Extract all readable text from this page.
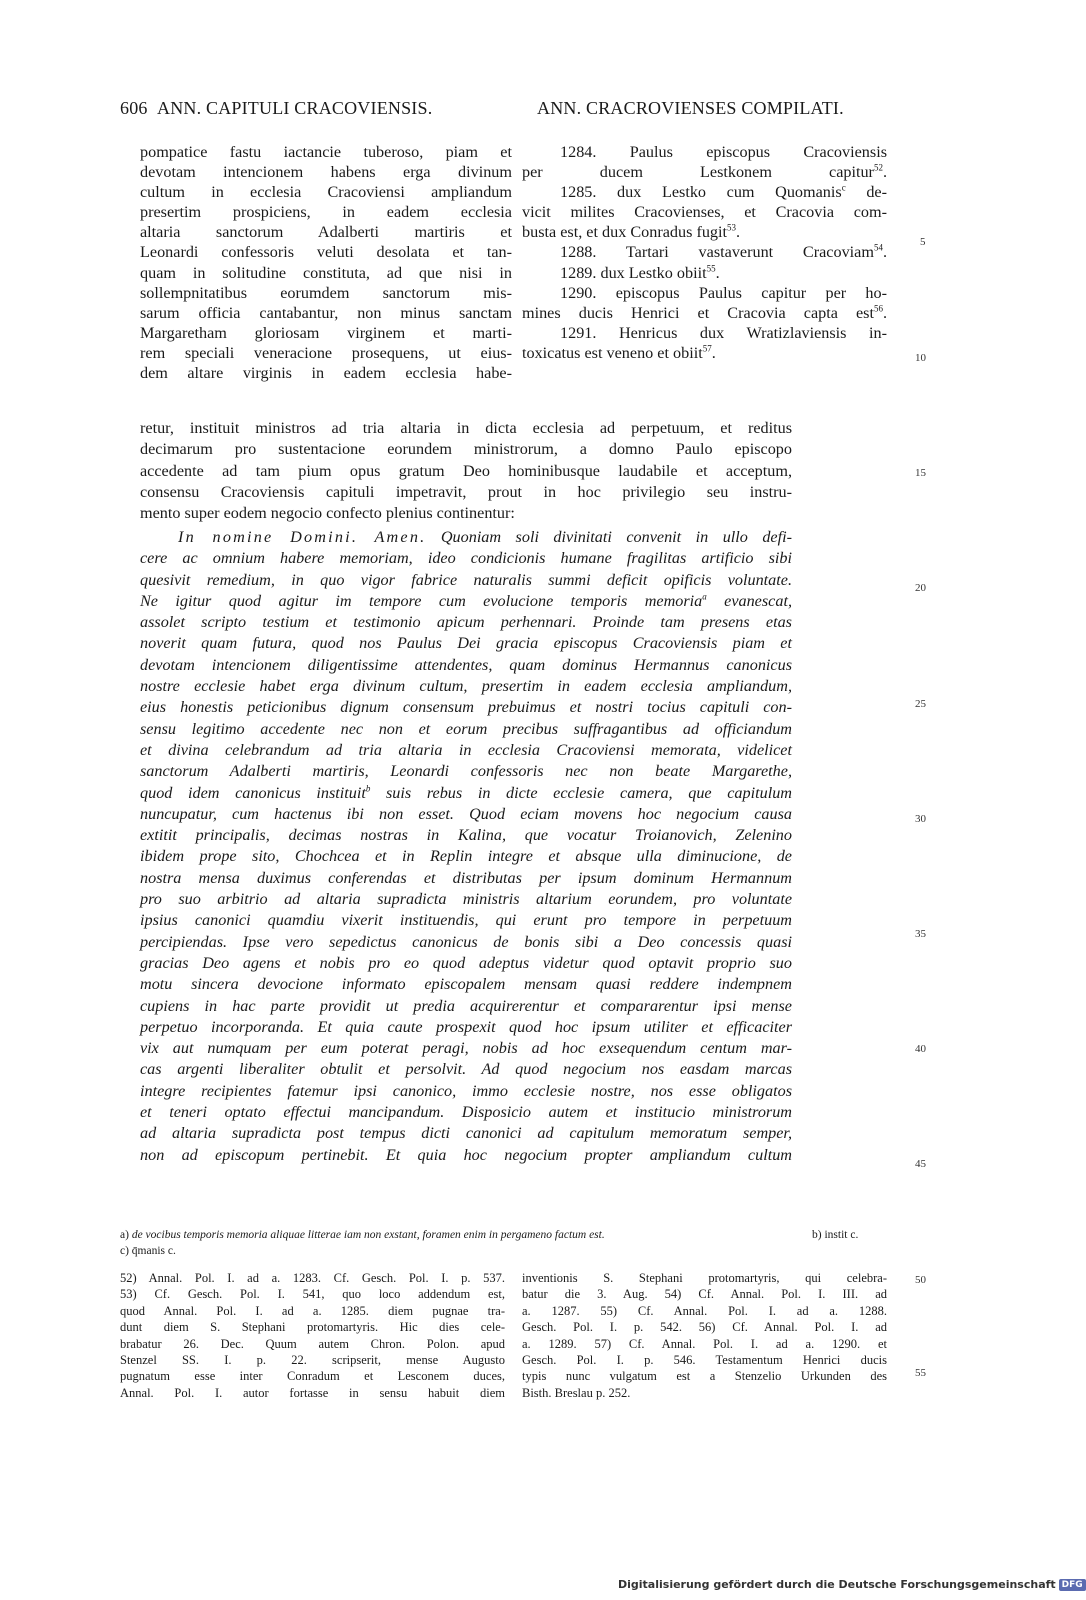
606 ANN. CAPITULI CRACOVIENSIS.	ANN. CRACROVIENSES COMPILATI.
pompatice fastu iactancie tuberoso, piam et
devotam intencionem habens erga divinum
cultum in ecclesia Cracoviensi ampliandum
presertim prospiciens, in eadem ecclesia
altaria sanctorum Adalberti martiris et
Leonardi confessoris veluti desolata et tan-
quam in solitudine constituta, ad que nisi in
sollempnitatibus eorumdem sanctorum mis-
sarum officia cantabantur, non minus sanctam
Margaretham gloriosam virginem et marti-
rem speciali veneracione prosequens, ut eius-
dem altare virginis in eadem ecclesia habe-
1284. Paulus episcopus Cracoviensis
per ducem Lestkonem capitur$^{52}$.
1285. dux Lestko cum Quomanis$^c$ de-
vicit milites Cracovienses, et Cracovia com-
busta est, et dux Conradus fugit$^{53}$.
1288. Tartari vastaverunt Cracoviam$^{54}$.
1289. dux Lestko obiit$^{55}$.
1290. episcopus Paulus capitur per ho-
mines ducis Henrici et Cracovia capta est$^{56}$.
1291. Henricus dux Wratizlaviensis in-
toxicatus est veneno et obiit$^{57}$.
retur, instituit ministros ad tria altaria in dicta ecclesia ad perpetuum, et reditus
decimarum pro sustentacione eorundem ministrorum, a domno Paulo episcopo
accedente ad tam pium opus gratum Deo hominibusque laudabile et acceptum,
consensu Cracoviensis capituli impetravit, prout in hoc privilegio seu instru-
mento super eodem negocio confecto plenius continentur:
In nomine Domini. Amen. Quoniam soli divinitati convenit in ullo defi-
cere ac omnium habere memoriam, ideo condicionis humane fragilitas artificio sibi
quesivit remedium, in quo vigor fabrice naturalis summi deficit opificis voluntate.
Ne igitur quod agitur im tempore cum evolucione temporis memoria$^a$ evanescat,
assolet scripto testium et testimonio apicum perhennari. Proinde tam presens etas
noverit quam futura, quod nos Paulus Dei gracia episcopus Cracoviensis piam et
devotam intencionem diligentissime attendentes, quam dominus Hermannus canonicus
nostre ecclesie habet erga divinum cultum, presertim in eadem ecclesia ampliandum,
eius honestis peticionibus dignum consensum prebuimus et nostri tocius capituli con-
sensu legitimo accedente nec non et eorum precibus suffragantibus ad officiandum
et divina celebrandum ad tria altaria in ecclesia Cracoviensi memorata, videlicet
sanctorum Adalberti martiris, Leonardi confessoris nec non beate Margarethe,
quod idem canonicus instituit$^b$ suis rebus in dicte ecclesie camera, que capitulum
nuncupatur, cum hactenus ibi non esset. Quod eciam movens hoc negocium causa
extitit principalis, decimas nostras in Kalina, que vocatur Troianovich, Zelenino
ibidem prope sito, Chochcea et in Replin integre et absque ulla diminucione, de
nostra mensa duximus conferendas et distributas per ipsum dominum Hermannum
pro suo arbitrio ad altaria supradicta ministris altarium eorundem, pro voluntate
ipsius canonici quamdiu vixerit instituendis, qui erunt pro tempore in perpetuum
percipiendas. Ipse vero sepedictus canonicus de bonis sibi a Deo concessis quasi
gracias Deo agens et nobis pro eo quod adeptus videtur quod optavit proprio suo
motu sincera devocione informato episcopalem mensam quasi reddere indempnem
cupiens in hac parte providit ut predia acquirerentur et compararentur ipsi mense
perpetuo incorporanda. Et quia caute prospexit quod hoc ipsum utiliter et efficaciter
vix aut numquam per eum poterat peragi, nobis ad hoc exsequendum centum mar-
cas argenti liberaliter obtulit et persolvit. Ad quod negocium nos easdam marcas
integre recipientes fatemur ipsi canonico, immo ecclesie nostre, nos esse obligatos
et teneri optato effectui mancipandum. Disposicio autem et institucio ministrorum
ad altaria supradicta post tempus dicti canonici ad capitulum memoratum semper,
non ad episcopum pertinebit. Et quia hoc negocium propter ampliandum cultum
5
10
15
20
25
30
35
40
45
50
55
a) de vocibus temporis memoria aliquae litterae iam non exstant, foramen enim in pergameno factum est.	b) instit c.
c) q̄manis c.
52) Annal. Pol. I. ad a. 1283. Cf. Gesch. Pol. I. p. 537.
53) Cf. Gesch. Pol. I. 541, quo loco addendum est,
quod Annal. Pol. I. ad a. 1285. diem pugnae tra-
dunt diem S. Stephani protomartyris. Hic dies cele-
brabatur 26. Dec. Quum autem Chron. Polon. apud
Stenzel SS. I. p. 22. scripserit, mense Augusto
pugnatum esse inter Conradum et Lesconem duces,
Annal. Pol. I. autor fortasse in sensu habuit diem
inventionis S. Stephani protomartyris, qui celebra-
batur die 3. Aug. 54) Cf. Annal. Pol. I. III. ad
a. 1287. 55) Cf. Annal. Pol. I. ad a. 1288.
Gesch. Pol. I. p. 542. 56) Cf. Annal. Pol. I. ad
a. 1289. 57) Cf. Annal. Pol. I. ad a. 1290. et
Gesch. Pol. I. p. 546. Testamentum Henrici ducis
typis nunc vulgatum est a Stenzelio Urkunden des
Bisth. Breslau p. 252.
Digitalisierung gefördert durch die Deutsche Forschungsgemeinschaft DFG
